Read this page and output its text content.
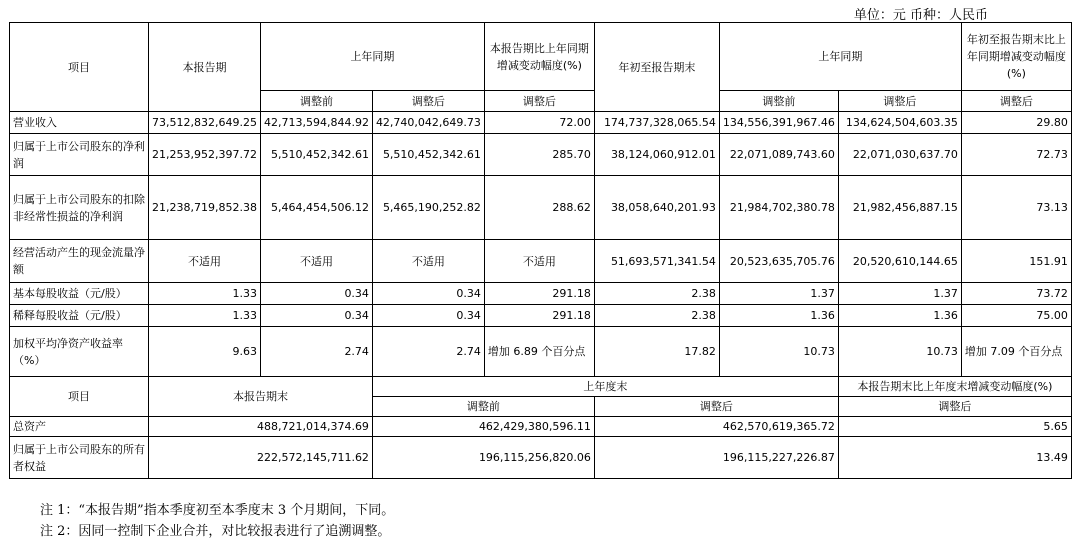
单位：元 币种：人民币
项目	本报告期	上年同期		本报告期比上年同期增减变动幅度(%)	年初至报告期末	上年同期		年初至报告期末比上年同期增减变动幅度(%)
		调整前	调整后	调整后		调整前	调整后	调整后
营业收入	73,512,832,649.25	42,713,594,844.92	42,740,042,649.73	72.00	174,737,328,065.54	134,556,391,967.46	134,624,504,603.35	29.80
归属于上市公司股东的净利润	21,253,952,397.72	5,510,452,342.61	5,510,452,342.61	285.70	38,124,060,912.01	22,071,089,743.60	22,071,030,637.70	72.73
归属于上市公司股东的扣除非经常性损益的净利润	21,238,719,852.38	5,464,454,506.12	5,465,190,252.82	288.62	38,058,640,201.93	21,984,702,380.78	21,982,456,887.15	73.13
经营活动产生的现金流量净额	不适用	不适用	不适用	不适用	51,693,571,341.54	20,523,635,705.76	20,520,610,144.65	151.91
基本每股收益（元/股）	1.33	0.34	0.34	291.18	2.38	1.37	1.37	73.72
稀释每股收益（元/股）	1.33	0.34	0.34	291.18	2.38	1.36	1.36	75.00
加权平均净资产收益率（%）	9.63	2.74	2.74	增加 6.89 个百分点	17.82	10.73	10.73	增加 7.09 个百分点
项目	本报告期末		上年度末				本报告期末比上年度末增减变动幅度(%)	
			调整前		调整后		调整后	
总资产	488,721,014,374.69		462,429,380,596.11		462,570,619,365.72		5.65	
归属于上市公司股东的所有者权益	222,572,145,711.62		196,115,256,820.06		196,115,227,226.87		13.49	
注 1：“本报告期”指本季度初至本季度末 3 个月期间，下同。
注 2：因同一控制下企业合并，对比较报表进行了追溯调整。
